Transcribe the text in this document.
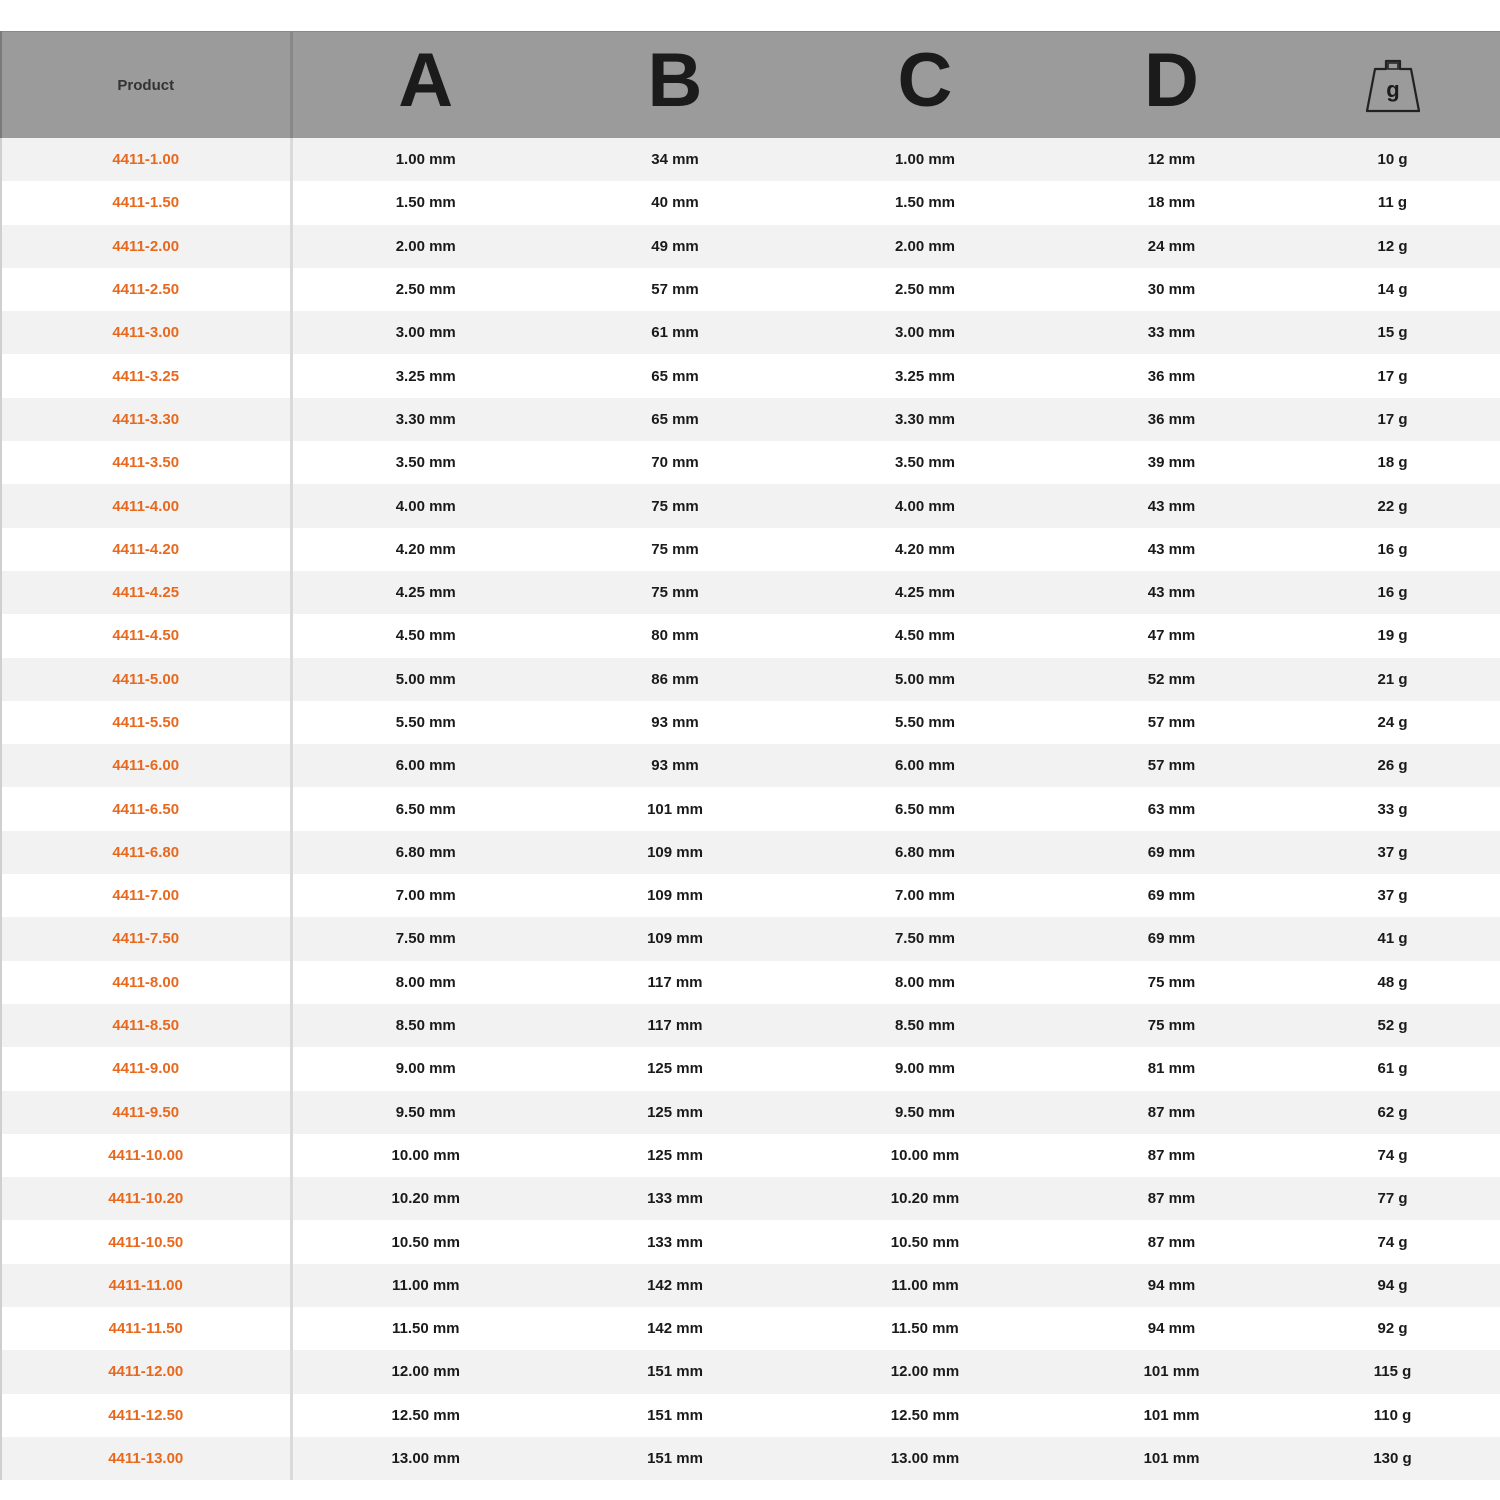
Product	A	B	C	D	g

4411-1.00	1.00 mm	34 mm	1.00 mm	12 mm	10 g
4411-1.50	1.50 mm	40 mm	1.50 mm	18 mm	11 g
4411-2.00	2.00 mm	49 mm	2.00 mm	24 mm	12 g
4411-2.50	2.50 mm	57 mm	2.50 mm	30 mm	14 g
4411-3.00	3.00 mm	61 mm	3.00 mm	33 mm	15 g
4411-3.25	3.25 mm	65 mm	3.25 mm	36 mm	17 g
4411-3.30	3.30 mm	65 mm	3.30 mm	36 mm	17 g
4411-3.50	3.50 mm	70 mm	3.50 mm	39 mm	18 g
4411-4.00	4.00 mm	75 mm	4.00 mm	43 mm	22 g
4411-4.20	4.20 mm	75 mm	4.20 mm	43 mm	16 g
4411-4.25	4.25 mm	75 mm	4.25 mm	43 mm	16 g
4411-4.50	4.50 mm	80 mm	4.50 mm	47 mm	19 g
4411-5.00	5.00 mm	86 mm	5.00 mm	52 mm	21 g
4411-5.50	5.50 mm	93 mm	5.50 mm	57 mm	24 g
4411-6.00	6.00 mm	93 mm	6.00 mm	57 mm	26 g
4411-6.50	6.50 mm	101 mm	6.50 mm	63 mm	33 g
4411-6.80	6.80 mm	109 mm	6.80 mm	69 mm	37 g
4411-7.00	7.00 mm	109 mm	7.00 mm	69 mm	37 g
4411-7.50	7.50 mm	109 mm	7.50 mm	69 mm	41 g
4411-8.00	8.00 mm	117 mm	8.00 mm	75 mm	48 g
4411-8.50	8.50 mm	117 mm	8.50 mm	75 mm	52 g
4411-9.00	9.00 mm	125 mm	9.00 mm	81 mm	61 g
4411-9.50	9.50 mm	125 mm	9.50 mm	87 mm	62 g
4411-10.00	10.00 mm	125 mm	10.00 mm	87 mm	74 g
4411-10.20	10.20 mm	133 mm	10.20 mm	87 mm	77 g
4411-10.50	10.50 mm	133 mm	10.50 mm	87 mm	74 g
4411-11.00	11.00 mm	142 mm	11.00 mm	94 mm	94 g
4411-11.50	11.50 mm	142 mm	11.50 mm	94 mm	92 g
4411-12.00	12.00 mm	151 mm	12.00 mm	101 mm	115 g
4411-12.50	12.50 mm	151 mm	12.50 mm	101 mm	110 g
4411-13.00	13.00 mm	151 mm	13.00 mm	101 mm	130 g
